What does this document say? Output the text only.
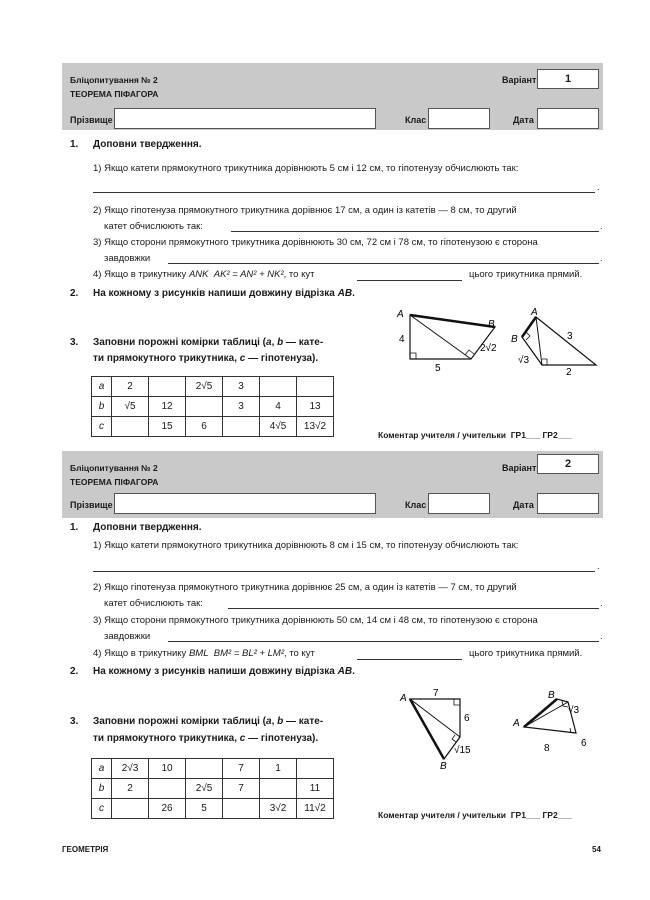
Бліцопитування № 2
ТЕОРЕМА ПІФАГОРА
Варіант	1
Прізвище	Клас	Дата
1. Доповни твердження.
1) Якщо катети прямокутного трикутника дорівнюють 5 см і 12 см, то гіпотенузу обчислюють так:
.
2) Якщо гіпотенуза прямокутного трикутника дорівнює 17 см, а один із катетів — 8 см, то другий
катет обчислюють так:	.
3) Якщо сторони прямокутного трикутника дорівнюють 30 см, 72 см і 78 см, то гіпотенузою є сторона
завдовжки	.
4) Якщо в трикутнику ANK AK² = AN² + NK², то кут	цього трикутника прямий.
2. На кожному з рисунків напиши довжину відрізка AB.
3. Заповни порожні комірки таблиці (a, b — кате-
ти прямокутного трикутника, c — гіпотенуза).
a	2		2√5	3		
b	√5	12		3	4	13
c		15	6		4√5	13√2
A
B
4
5
2√2
A
B	3
√3
2
Коментар учителя / учительки ГР1___ ГР2___
Бліцопитування № 2
ТЕОРЕМА ПІФАГОРА
Варіант	2
Прізвище	Клас	Дата
1. Доповни твердження.
1) Якщо катети прямокутного трикутника дорівнюють 8 см і 15 см, то гіпотенузу обчислюють так:
.
2) Якщо гіпотенуза прямокутного трикутника дорівнює 25 см, а один із катетів — 7 см, то другий
катет обчислюють так:	.
3) Якщо сторони прямокутного трикутника дорівнюють 50 см, 14 см і 48 см, то гіпотенузою є сторона
завдовжки	.
4) Якщо в трикутнику BML BM² = BL² + LM², то кут	цього трикутника прямий.
2. На кожному з рисунків напиши довжину відрізка AB.
3. Заповни порожні комірки таблиці (a, b — кате-
ти прямокутного трикутника, c — гіпотенуза).
a	2√3	10		7	1	
b	2		2√5	7		11
c		26	5		3√2	11√2
A
B
7
6
√15
A
B
√3
6
8
Коментар учителя / учительки ГР1___ ГР2___
ГЕОМЕТРІЯ	54
